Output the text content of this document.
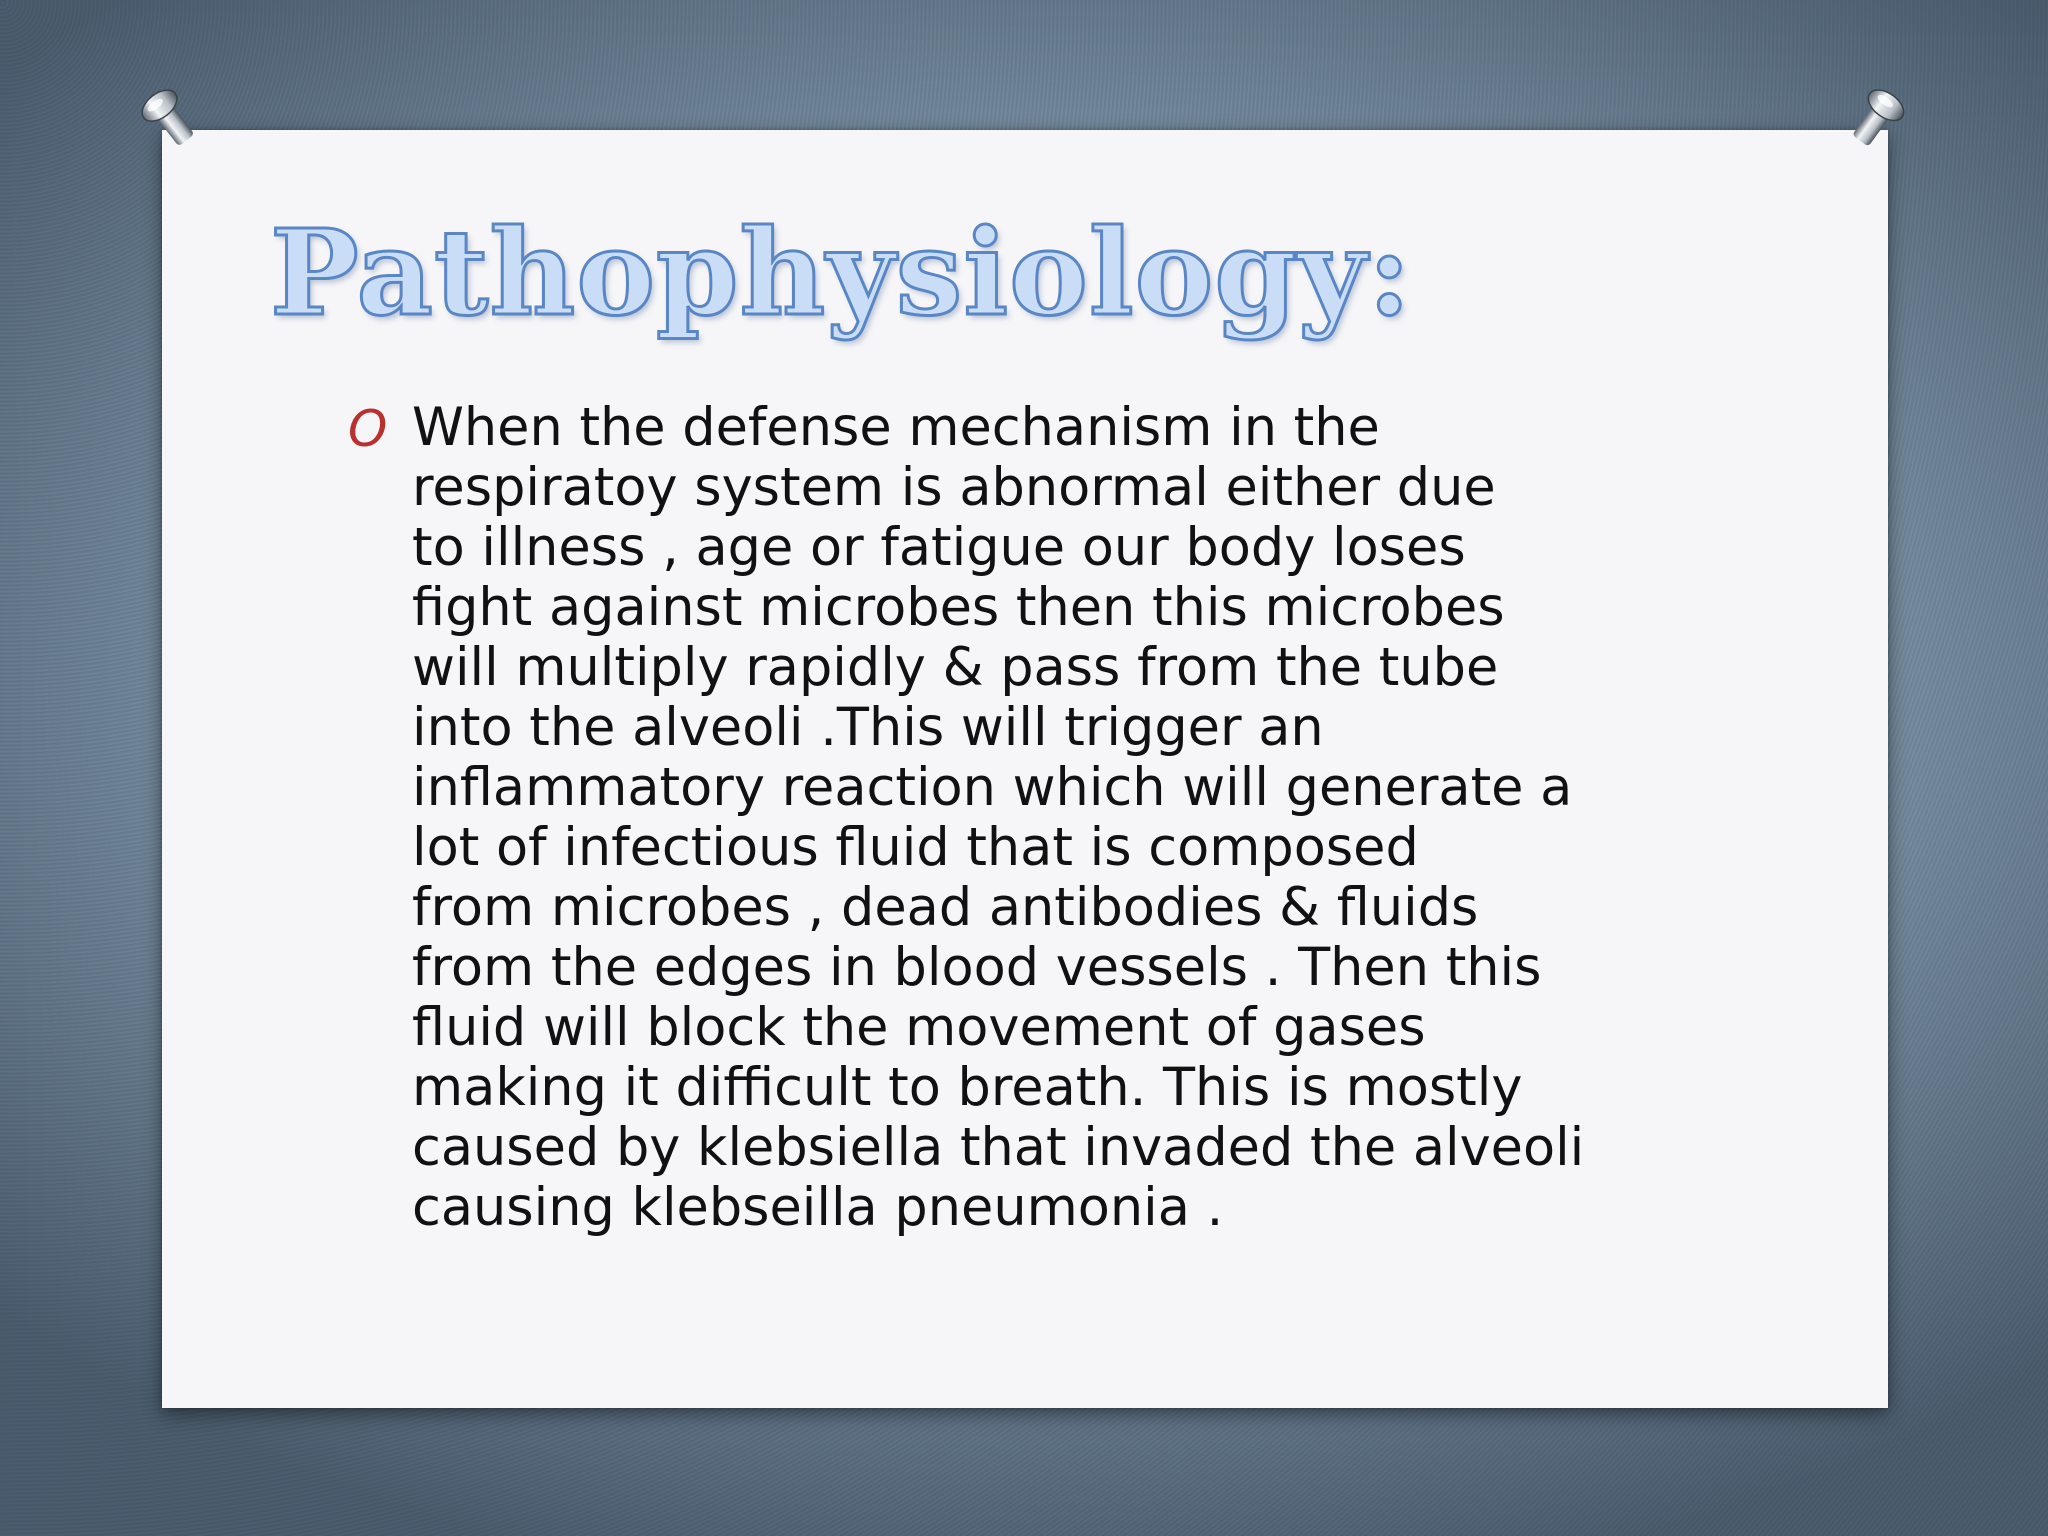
Pathophysiology:
O When the defense mechanism in the
respiratoy system is abnormal either due
to illness , age or fatigue our body loses
fight against microbes then this microbes
will multiply rapidly & pass from the tube
into the alveoli .This will trigger an
inflammatory reaction which will generate a
lot of infectious fluid that is composed
from microbes , dead antibodies & fluids
from the edges in blood vessels . Then this
fluid will block the movement of gases
making it difficult to breath. This is mostly
caused by klebsiella that invaded the alveoli
causing klebseilla pneumonia .
